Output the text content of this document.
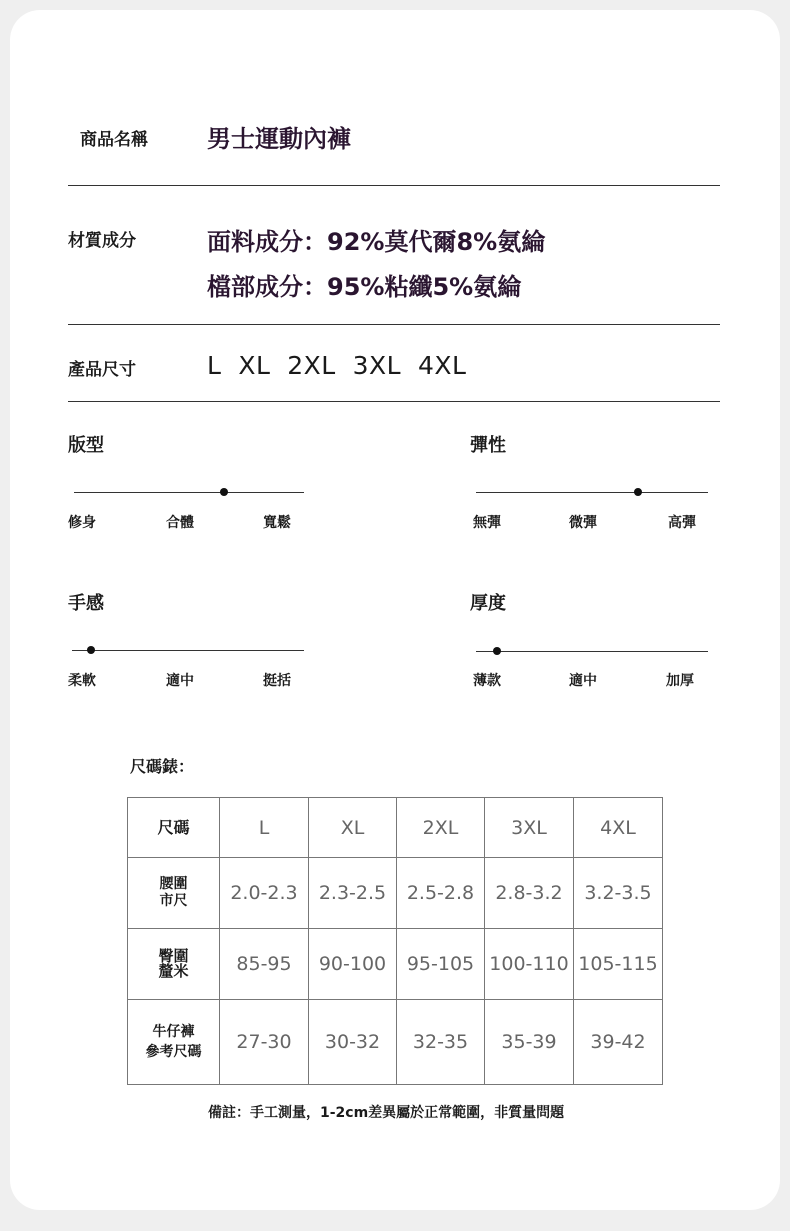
商品名稱 男士運動內褲
材質成分	面料成分：92%莫代爾8%氨綸
檔部成分：95%粘纖5%氨綸
產品尺寸	L  XL  2XL  3XL  4XL
版型
修身	合體	寬鬆
彈性
無彈	微彈	高彈
手感
柔軟	適中	挺括
厚度
薄款	適中	加厚
尺碼錶：
尺碼	L	XL	2XL	3XL	4XL

腰圍
市尺	2.0-2.3	2.3-2.5	2.5-2.8	2.8-3.2	3.2-3.5

臀圍
釐米	85-95	90-100	95-105	100-110	105-115

牛仔褲
參考尺碼	27-30	30-32	32-35	35-39	39-42
備註：手工測量，1-2cm差異屬於正常範圍，非質量問題
